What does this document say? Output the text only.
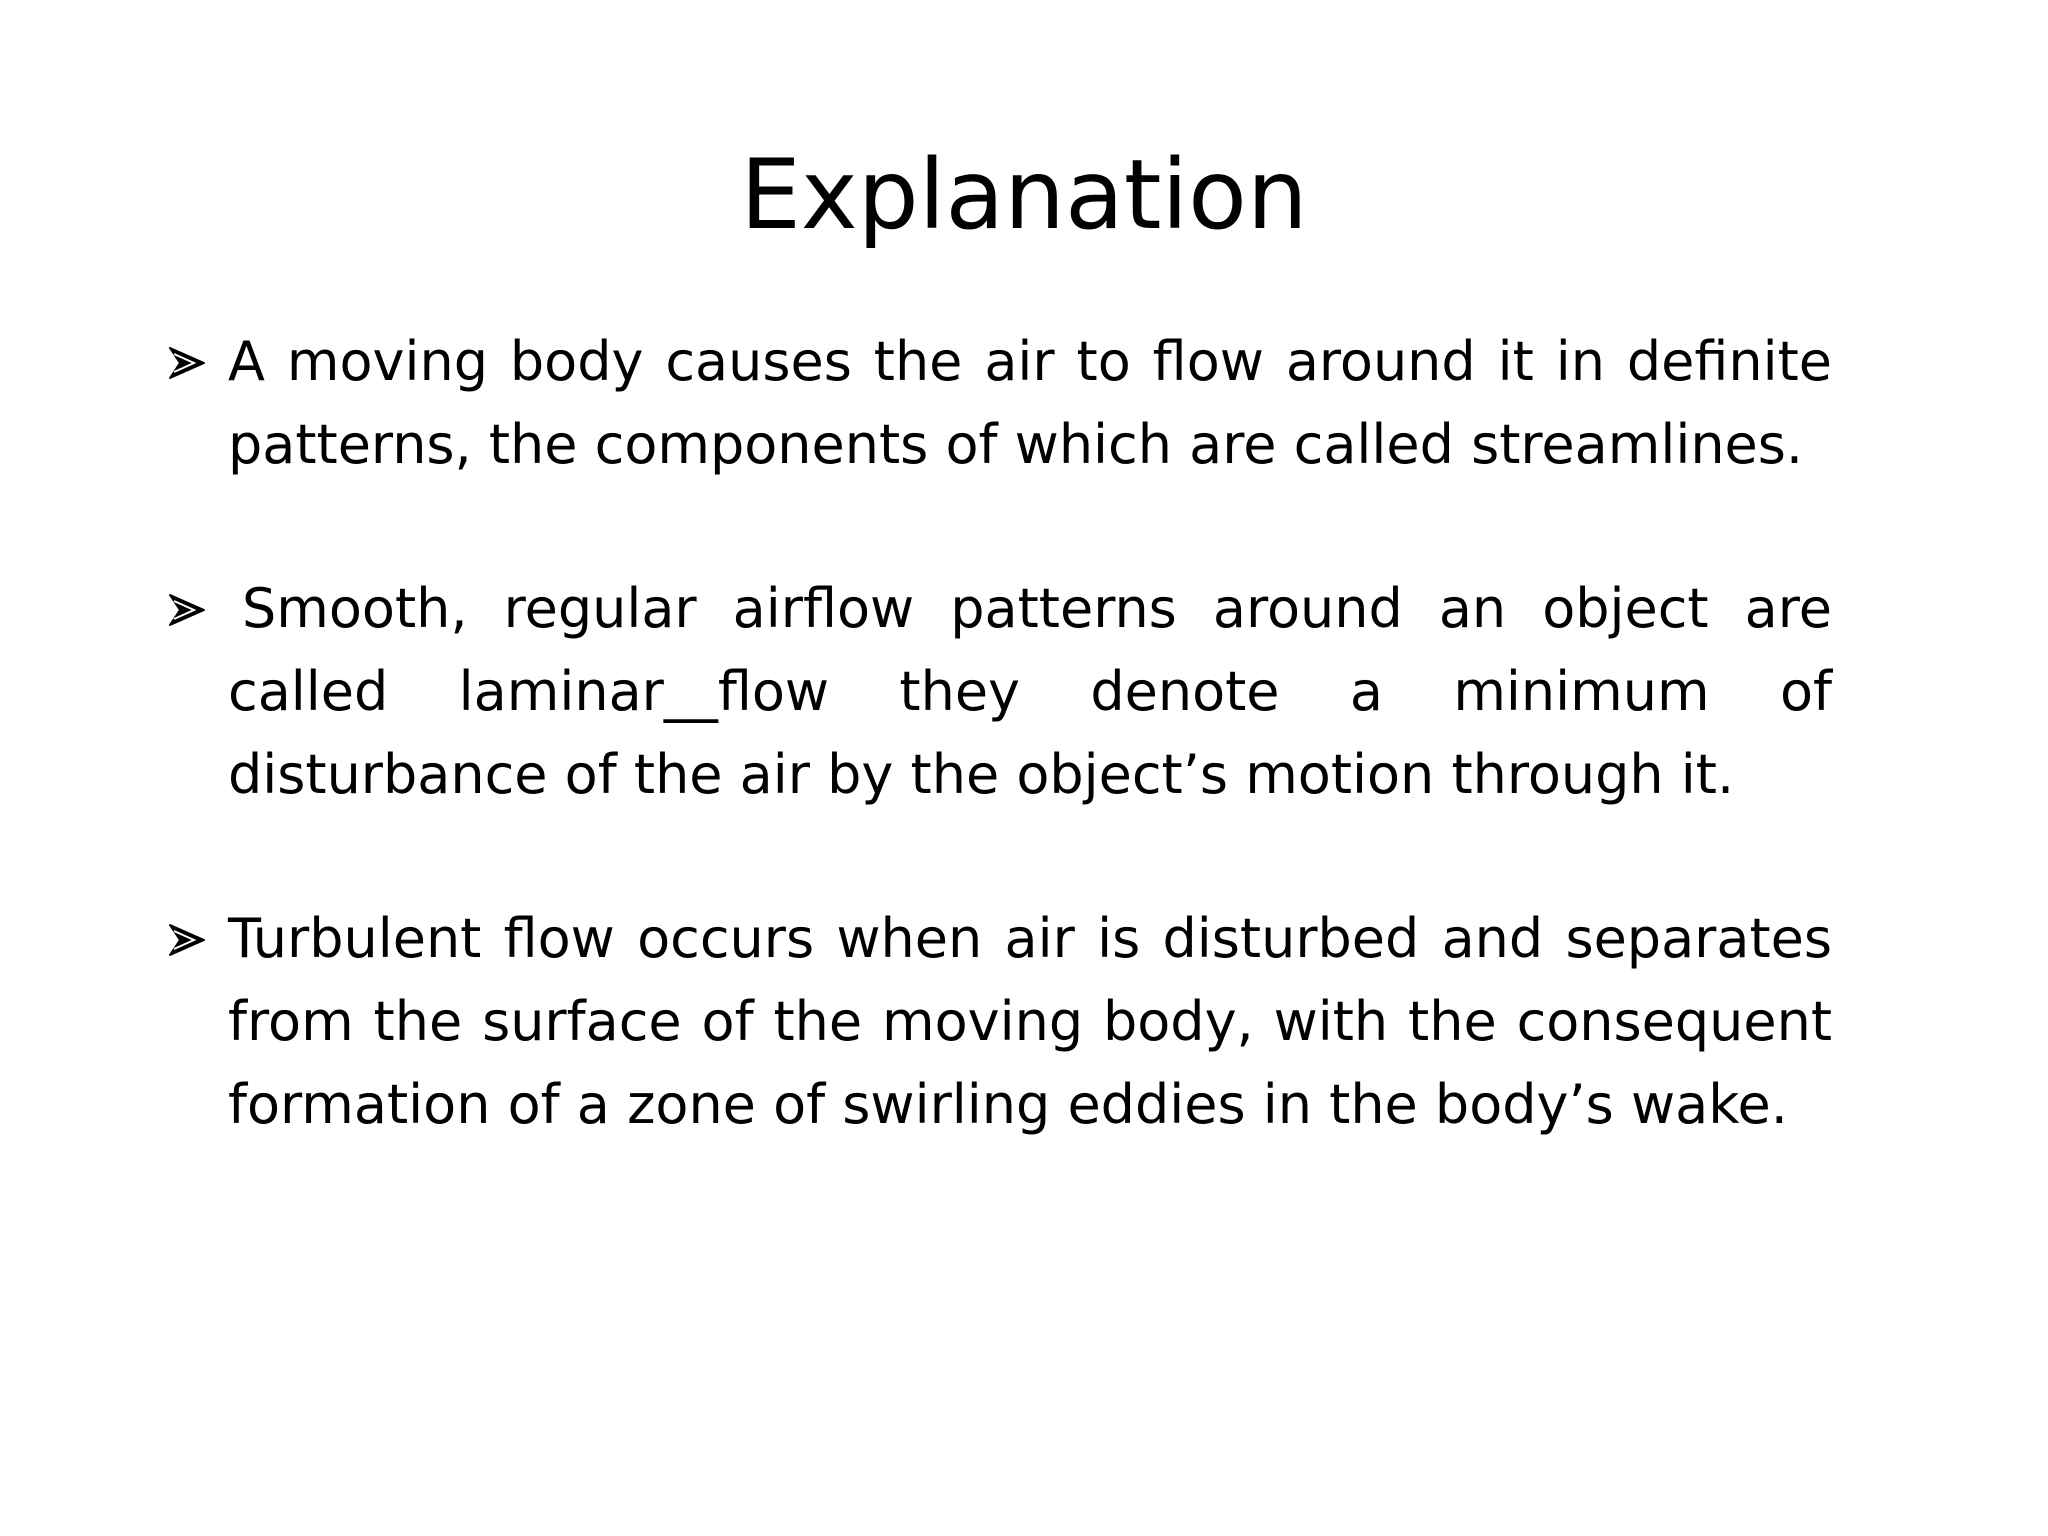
Explanation
A moving body causes the air to flow around it in definite patterns, the components of which are called streamlines.
Smooth, regular airflow patterns around an object are called laminar__flow they denote a minimum of disturbance of the air by the object’s motion through it.
Turbulent flow occurs when air is disturbed and separates from the surface of the moving body, with the consequent formation of a zone of swirling eddies in the body’s wake.
